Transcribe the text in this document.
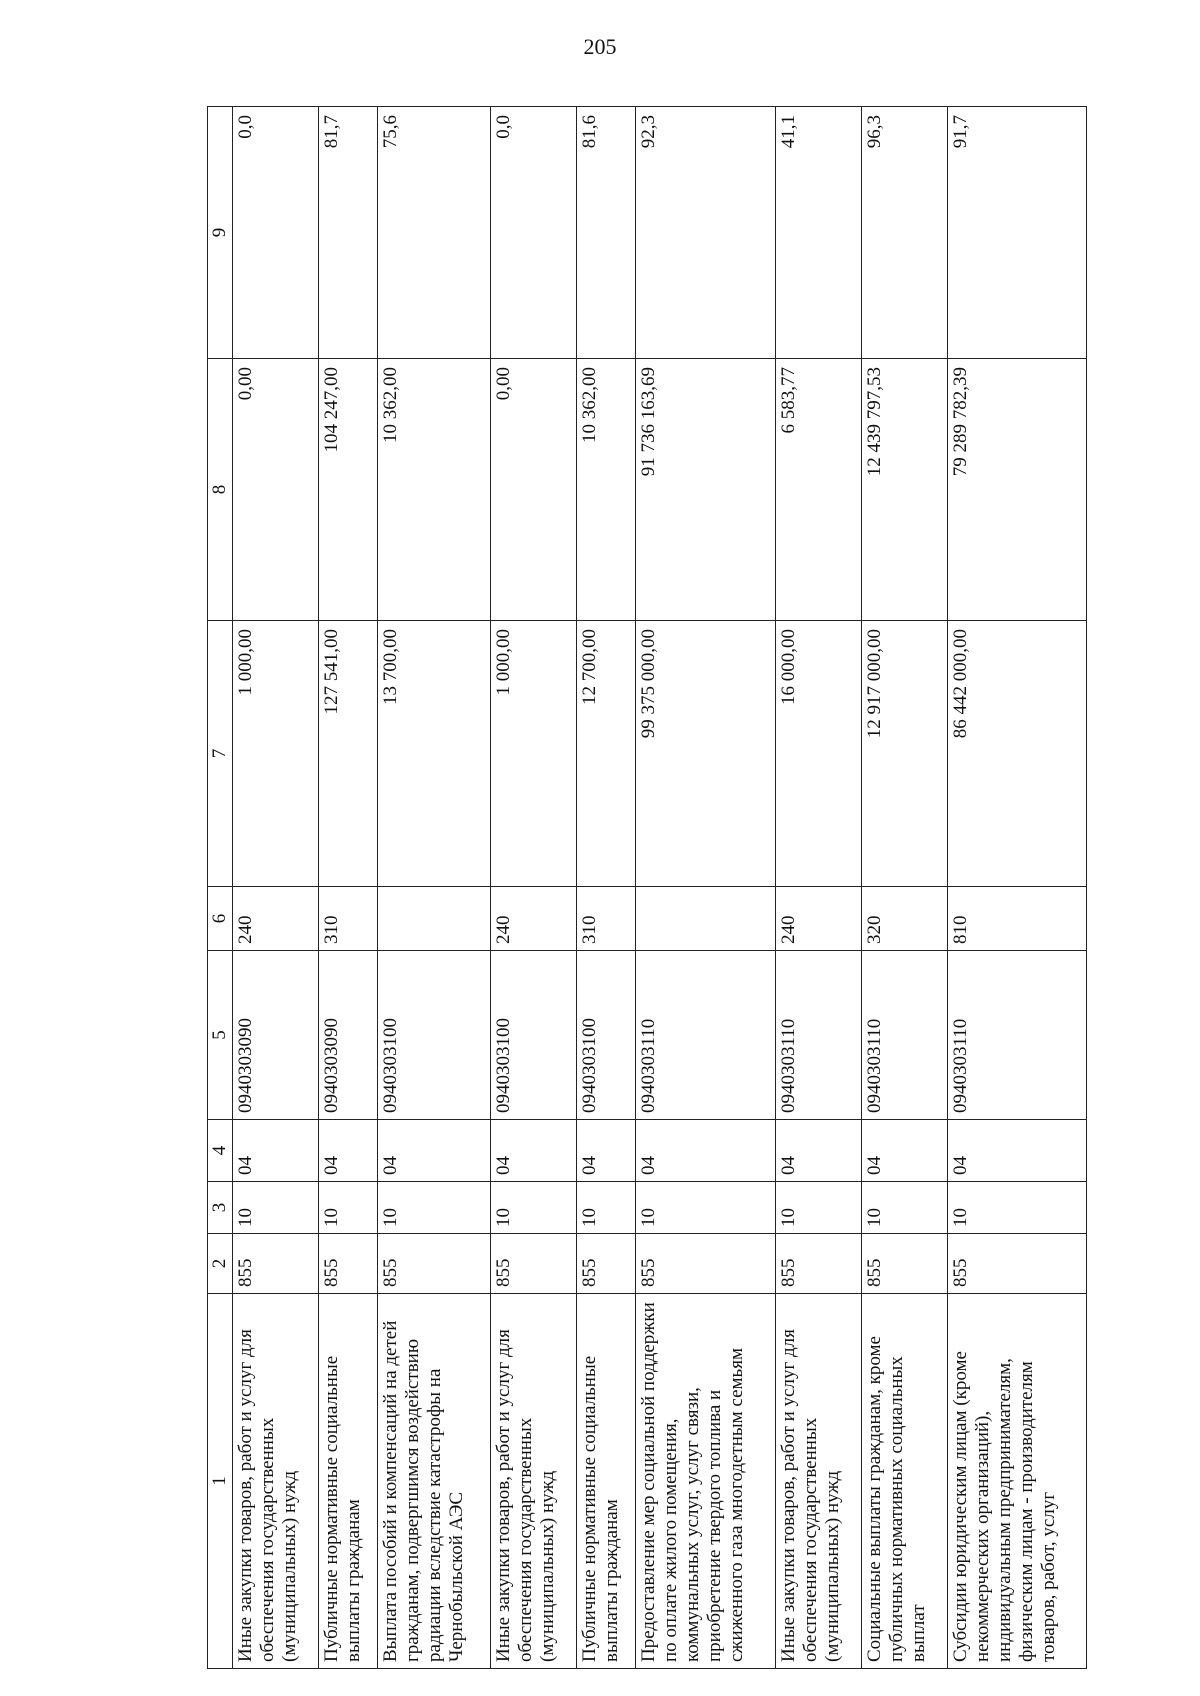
205
1	2	3	4	5	6	7	8	9
Иные закупки товаров, работ и услуг для обеспечения государственных (муниципальных) нужд	855	10	04	0940303090	240	1 000,00	0,00	0,0
Публичные нормативные социальные выплаты гражданам	855	10	04	0940303090	310	127 541,00	104 247,00	81,7
Выплата пособий и компенсаций на детей гражданам, подвергшимся воздействию радиации вследствие катастрофы на Чернобыльской АЭС	855	10	04	0940303100		13 700,00	10 362,00	75,6
Иные закупки товаров, работ и услуг для обеспечения государственных (муниципальных) нужд	855	10	04	0940303100	240	1 000,00	0,00	0,0
Публичные нормативные социальные выплаты гражданам	855	10	04	0940303100	310	12 700,00	10 362,00	81,6
Предоставление мер социальной поддержки по оплате жилого помещения, коммунальных услуг, услуг связи, приобретение твердого топлива и сжиженного газа многодетным семьям	855	10	04	0940303110		99 375 000,00	91 736 163,69	92,3
Иные закупки товаров, работ и услуг для обеспечения государственных (муниципальных) нужд	855	10	04	0940303110	240	16 000,00	6 583,77	41,1
Социальные выплаты гражданам, кроме публичных нормативных социальных выплат	855	10	04	0940303110	320	12 917 000,00	12 439 797,53	96,3
Субсидии юридическим лицам (кроме некоммерческих организаций), индивидуальным предпринимателям, физическим лицам - производителям товаров, работ, услуг	855	10	04	0940303110	810	86 442 000,00	79 289 782,39	91,7
